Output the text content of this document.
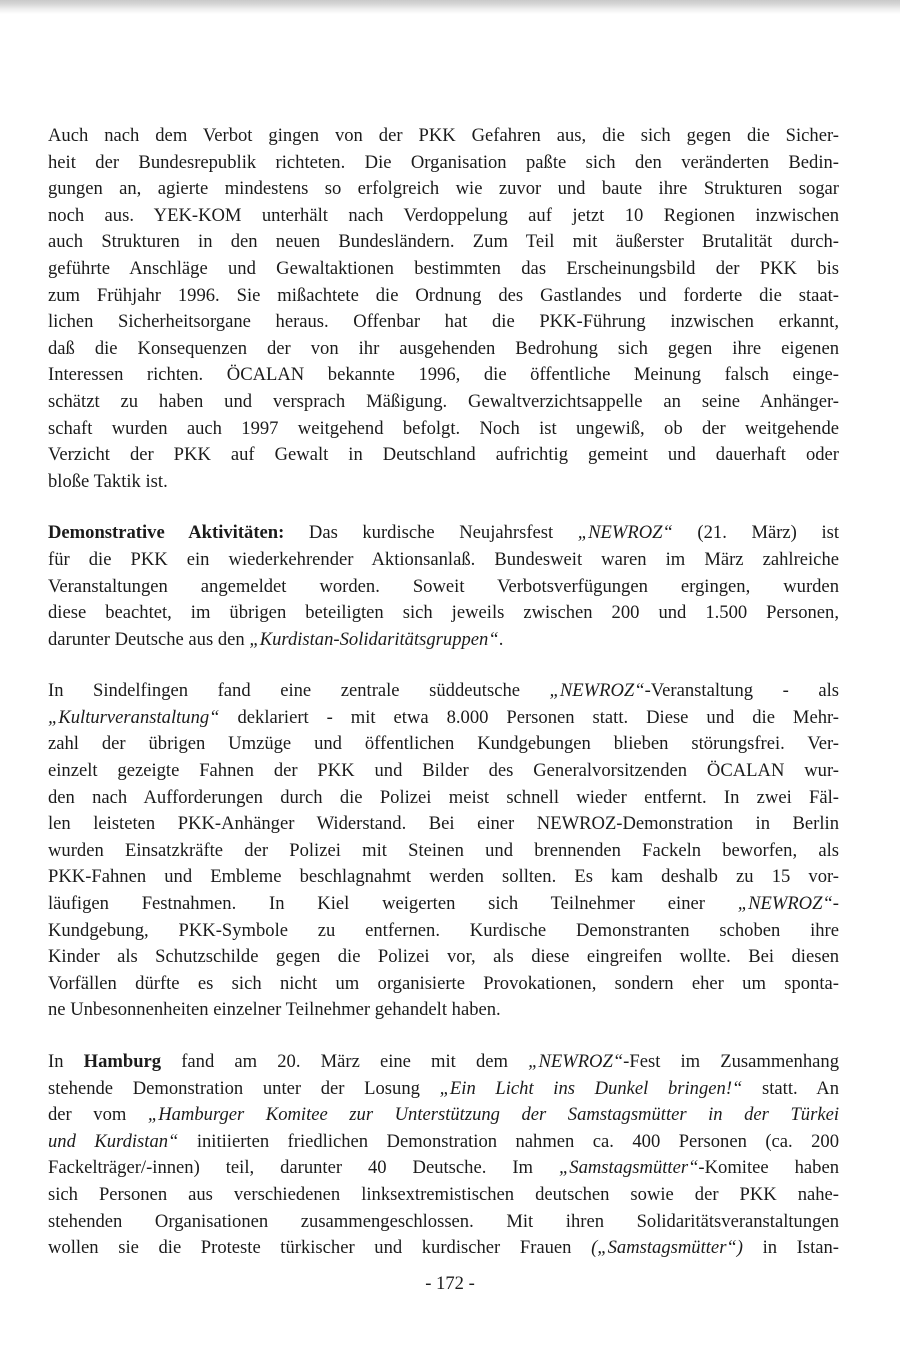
Auch nach dem Verbot gingen von der PKK Gefahren aus, die sich gegen die Sicher-
heit der Bundesrepublik richteten. Die Organisation paßte sich den veränderten Bedin-
gungen an, agierte mindestens so erfolgreich wie zuvor und baute ihre Strukturen sogar
noch aus. YEK-KOM unterhält nach Verdoppelung auf jetzt 10 Regionen inzwischen
auch Strukturen in den neuen Bundesländern. Zum Teil mit äußerster Brutalität durch-
geführte Anschläge und Gewaltaktionen bestimmten das Erscheinungsbild der PKK bis
zum Frühjahr 1996. Sie mißachtete die Ordnung des Gastlandes und forderte die staat-
lichen Sicherheitsorgane heraus. Offenbar hat die PKK-Führung inzwischen erkannt,
daß die Konsequenzen der von ihr ausgehenden Bedrohung sich gegen ihre eigenen
Interessen richten. ÖCALAN bekannte 1996, die öffentliche Meinung falsch einge-
schätzt zu haben und versprach Mäßigung. Gewaltverzichtsappelle an seine Anhänger-
schaft wurden auch 1997 weitgehend befolgt. Noch ist ungewiß, ob der weitgehende
Verzicht der PKK auf Gewalt in Deutschland aufrichtig gemeint und dauerhaft oder
bloße Taktik ist.

Demonstrative Aktivitäten: Das kurdische Neujahrsfest „NEWROZ“ (21. März) ist
für die PKK ein wiederkehrender Aktionsanlaß. Bundesweit waren im März zahlreiche
Veranstaltungen angemeldet worden. Soweit Verbotsverfügungen ergingen, wurden
diese beachtet, im übrigen beteiligten sich jeweils zwischen 200 und 1.500 Personen,
darunter Deutsche aus den „Kurdistan-Solidaritätsgruppen“.

In Sindelfingen fand eine zentrale süddeutsche „NEWROZ“-Veranstaltung - als
„Kulturveranstaltung“ deklariert - mit etwa 8.000 Personen statt. Diese und die Mehr-
zahl der übrigen Umzüge und öffentlichen Kundgebungen blieben störungsfrei. Ver-
einzelt gezeigte Fahnen der PKK und Bilder des Generalvorsitzenden ÖCALAN wur-
den nach Aufforderungen durch die Polizei meist schnell wieder entfernt. In zwei Fäl-
len leisteten PKK-Anhänger Widerstand. Bei einer NEWROZ-Demonstration in Berlin
wurden Einsatzkräfte der Polizei mit Steinen und brennenden Fackeln beworfen, als
PKK-Fahnen und Embleme beschlagnahmt werden sollten. Es kam deshalb zu 15 vor-
läufigen Festnahmen. In Kiel weigerten sich Teilnehmer einer „NEWROZ“-
Kundgebung, PKK-Symbole zu entfernen. Kurdische Demonstranten schoben ihre
Kinder als Schutzschilde gegen die Polizei vor, als diese eingreifen wollte. Bei diesen
Vorfällen dürfte es sich nicht um organisierte Provokationen, sondern eher um sponta-
ne Unbesonnenheiten einzelner Teilnehmer gehandelt haben.

In Hamburg fand am 20. März eine mit dem „NEWROZ“-Fest im Zusammenhang
stehende Demonstration unter der Losung „Ein Licht ins Dunkel bringen!“ statt. An
der vom „Hamburger Komitee zur Unterstützung der Samstagsmütter in der Türkei
und Kurdistan“ initiierten friedlichen Demonstration nahmen ca. 400 Personen (ca. 200
Fackelträger/-innen) teil, darunter 40 Deutsche. Im „Samstagsmütter“-Komitee haben
sich Personen aus verschiedenen linksextremistischen deutschen sowie der PKK nahe-
stehenden Organisationen zusammengeschlossen. Mit ihren Solidaritätsveranstaltungen
wollen sie die Proteste türkischer und kurdischer Frauen („Samstagsmütter“) in Istan-

- 172 -
